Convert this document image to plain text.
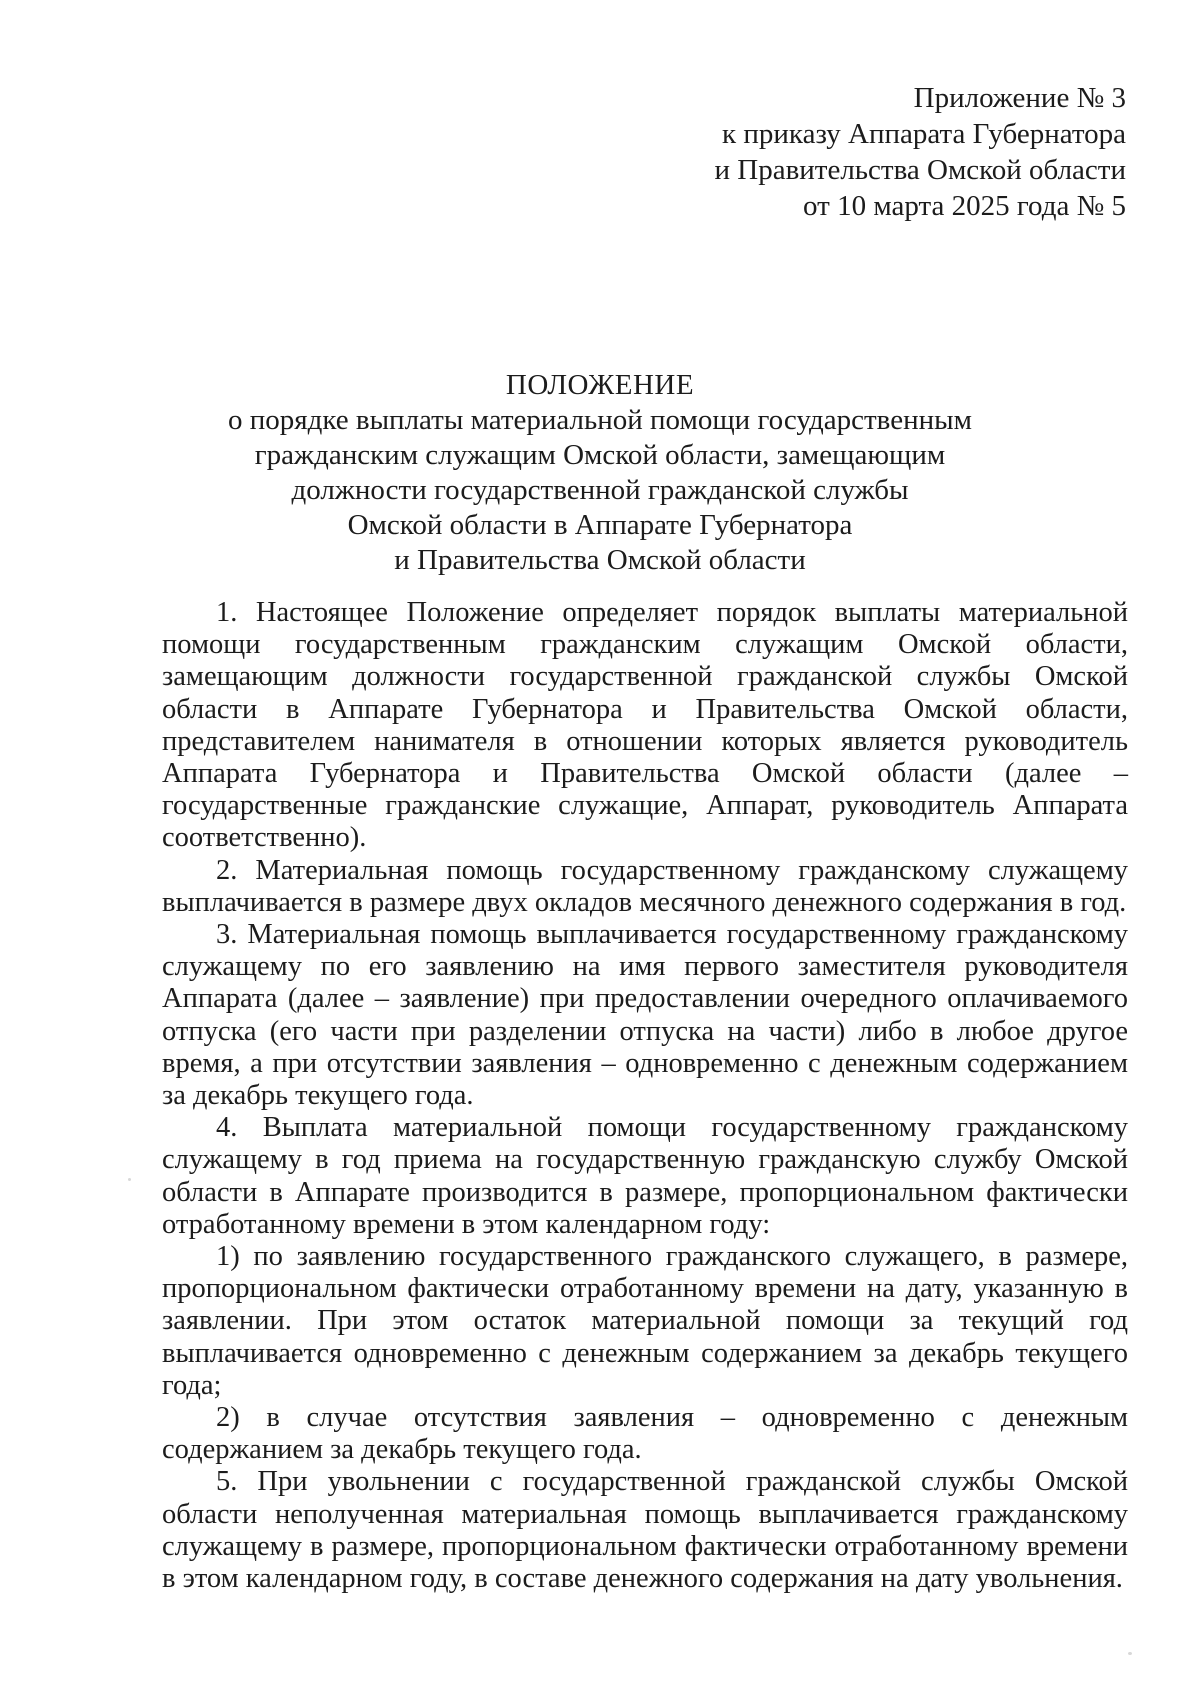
Приложение № 3
к приказу Аппарата Губернатора
и Правительства Омской области
от 10 марта 2025 года № 5
ПОЛОЖЕНИЕ
о порядке выплаты материальной помощи государственным
гражданским служащим Омской области, замещающим
должности государственной гражданской службы
Омской области в Аппарате Губернатора
и Правительства Омской области

1. Настоящее Положение определяет порядок выплаты материальной помощи государственным гражданским служащим Омской области, замещающим должности государственной гражданской службы Омской области в Аппарате Губернатора и Правительства Омской области, представителем нанимателя в отношении которых является руководитель Аппарата Губернатора и Правительства Омской области (далее – государственные гражданские служащие, Аппарат, руководитель Аппарата соответственно).

2. Материальная помощь государственному гражданскому служащему выплачивается в размере двух окладов месячного денежного содержания в год.

3. Материальная помощь выплачивается государственному гражданскому служащему по его заявлению на имя первого заместителя руководителя Аппарата (далее – заявление) при предоставлении очередного оплачиваемого отпуска (его части при разделении отпуска на части) либо в любое другое время, а при отсутствии заявления – одновременно с денежным содержанием за декабрь текущего года.

4. Выплата материальной помощи государственному гражданскому служащему в год приема на государственную гражданскую службу Омской области в Аппарате производится в размере, пропорциональном фактически отработанному времени в этом календарном году:

1) по заявлению государственного гражданского служащего, в размере, пропорциональном фактически отработанному времени на дату, указанную в заявлении. При этом остаток материальной помощи за текущий год выплачивается одновременно с денежным содержанием за декабрь текущего года;

2) в случае отсутствия заявления – одновременно с денежным содержанием за декабрь текущего года.

5. При увольнении с государственной гражданской службы Омской области неполученная материальная помощь выплачивается гражданскому служащему в размере, пропорциональном фактически отработанному времени в этом календарном году, в составе денежного содержания на дату увольнения.
